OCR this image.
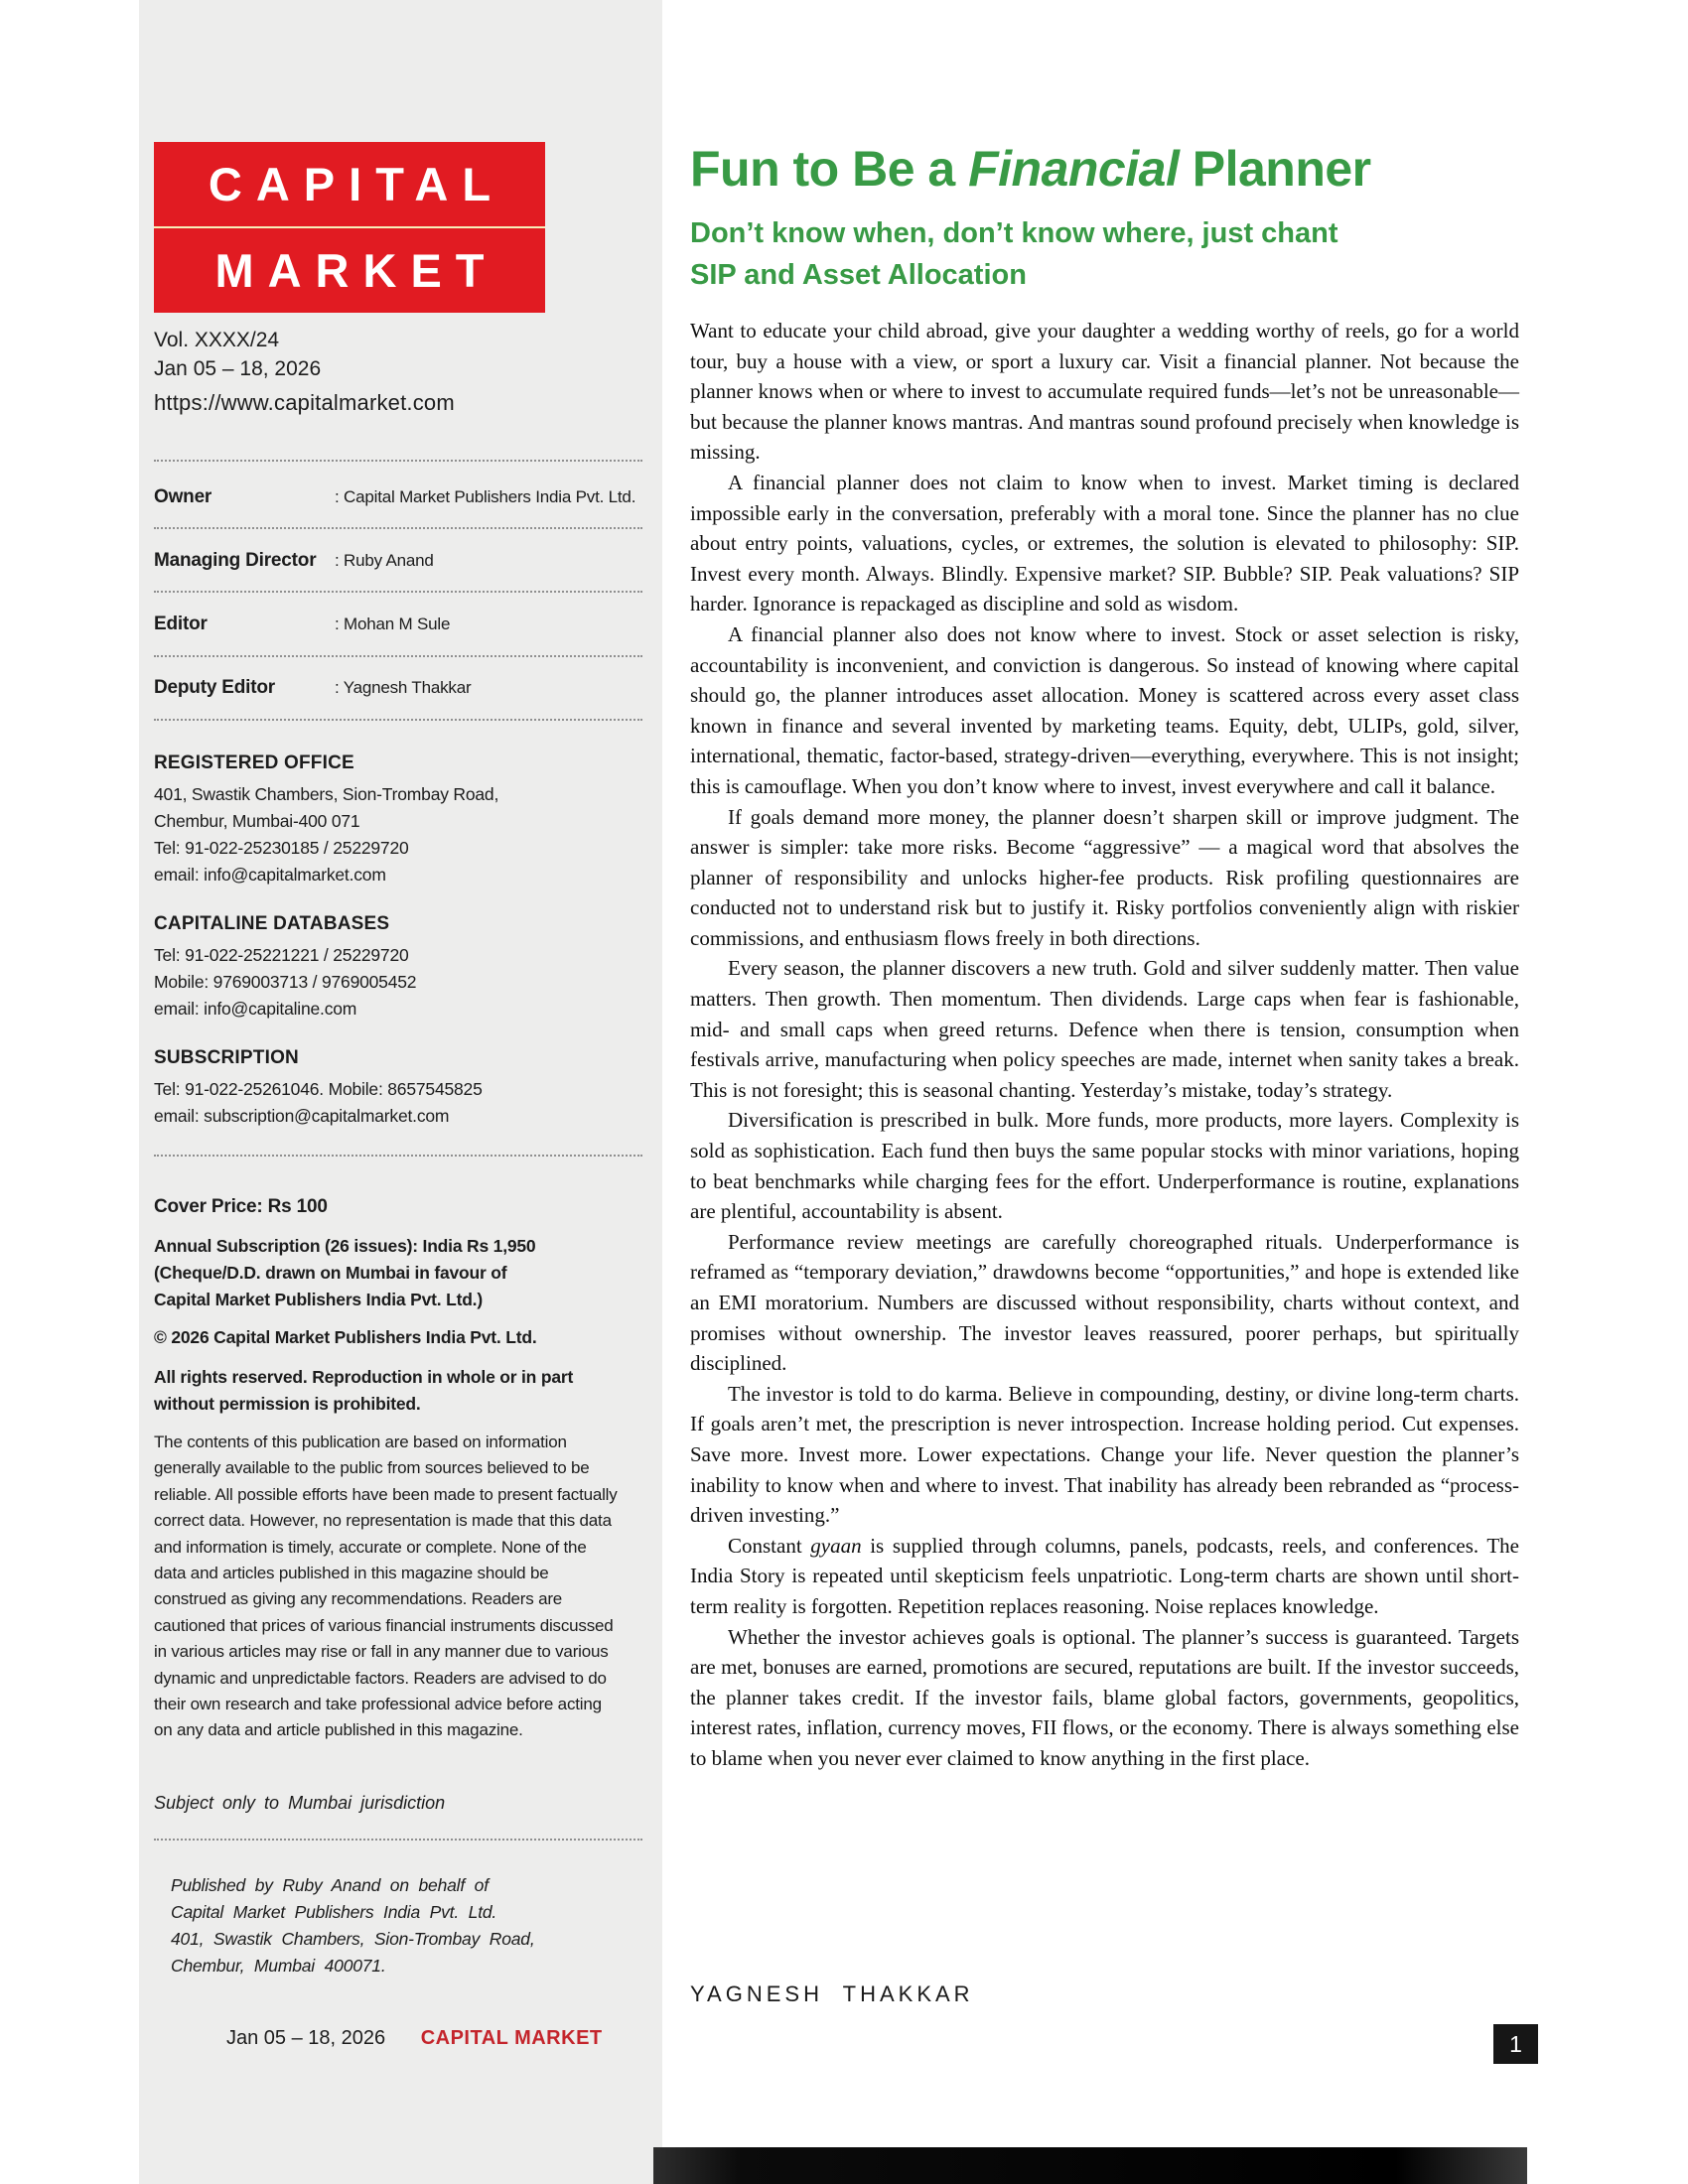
CAPITAL
MARKET
Vol. XXXX/24
Jan 05 – 18, 2026
https://www.capitalmarket.com
Owner	: Capital Market Publishers India Pvt. Ltd.
Managing Director	: Ruby Anand
Editor	: Mohan M Sule
Deputy Editor	: Yagnesh Thakkar
REGISTERED OFFICE
401, Swastik Chambers, Sion-Trombay Road,
Chembur, Mumbai-400 071
Tel: 91-022-25230185 / 25229720
email: info@capitalmarket.com
CAPITALINE DATABASES
Tel: 91-022-25221221 / 25229720
Mobile: 9769003713 / 9769005452
email: info@capitaline.com
SUBSCRIPTION
Tel: 91-022-25261046. Mobile: 8657545825
email: subscription@capitalmarket.com
Cover Price: Rs 100
Annual Subscription (26 issues): India Rs 1,950
(Cheque/D.D. drawn on Mumbai in favour of
Capital Market Publishers India Pvt. Ltd.)
© 2026 Capital Market Publishers India Pvt. Ltd.
All rights reserved. Reproduction in whole or in part
without permission is prohibited.
The contents of this publication are based on information generally available to the public from sources believed to be reliable. All possible efforts have been made to present factually correct data. However, no representation is made that this data and information is timely, accurate or complete. None of the data and articles published in this magazine should be construed as giving any recommendations. Readers are cautioned that prices of various financial instruments discussed in various articles may rise or fall in any manner due to various dynamic and unpredictable factors. Readers are advised to do their own research and take professional advice before acting on any data and article published in this magazine.
Subject only to Mumbai jurisdiction
Published by Ruby Anand on behalf of
Capital Market Publishers India Pvt. Ltd.
401, Swastik Chambers, Sion-Trombay Road,
Chembur, Mumbai 400071.
Jan 05 – 18, 2026 CAPITAL MARKET
Fun to Be a Financial Planner
Don’t know when, don’t know where, just chant
SIP and Asset Allocation

Want to educate your child abroad, give your daughter a wedding worthy of reels, go for a world tour, buy a house with a view, or sport a luxury car. Visit a financial planner. Not because the planner knows when or where to invest to accumulate required funds—let’s not be unreasonable—but because the planner knows mantras. And mantras sound profound precisely when knowledge is missing.

A financial planner does not claim to know when to invest. Market timing is declared impossible early in the conversation, preferably with a moral tone. Since the planner has no clue about entry points, valuations, cycles, or extremes, the solution is elevated to philosophy: SIP. Invest every month. Always. Blindly. Expensive market? SIP. Bubble? SIP. Peak valuations? SIP harder. Ignorance is repackaged as discipline and sold as wisdom.

A financial planner also does not know where to invest. Stock or asset selection is risky, accountability is inconvenient, and conviction is dangerous. So instead of knowing where capital should go, the planner introduces asset allocation. Money is scattered across every asset class known in finance and several invented by marketing teams. Equity, debt, ULIPs, gold, silver, international, thematic, factor-based, strategy-driven—everything, everywhere. This is not insight; this is camouflage. When you don’t know where to invest, invest everywhere and call it balance.

If goals demand more money, the planner doesn’t sharpen skill or improve judgment. The answer is simpler: take more risks. Become “aggressive” — a magical word that absolves the planner of responsibility and unlocks higher-fee products. Risk profiling questionnaires are conducted not to understand risk but to justify it. Risky portfolios conveniently align with riskier commissions, and enthusiasm flows freely in both directions.

Every season, the planner discovers a new truth. Gold and silver suddenly matter. Then value matters. Then growth. Then momentum. Then dividends. Large caps when fear is fashionable, mid- and small caps when greed returns. Defence when there is tension, consumption when festivals arrive, manufacturing when policy speeches are made, internet when sanity takes a break. This is not foresight; this is seasonal chanting. Yesterday’s mistake, today’s strategy.

Diversification is prescribed in bulk. More funds, more products, more layers. Complexity is sold as sophistication. Each fund then buys the same popular stocks with minor variations, hoping to beat benchmarks while charging fees for the effort. Underperformance is routine, explanations are plentiful, accountability is absent.

Performance review meetings are carefully choreographed rituals. Underperformance is reframed as “temporary deviation,” drawdowns become “opportunities,” and hope is extended like an EMI moratorium. Numbers are discussed without responsibility, charts without context, and promises without ownership. The investor leaves reassured, poorer perhaps, but spiritually disciplined.

The investor is told to do karma. Believe in compounding, destiny, or divine long-term charts. If goals aren’t met, the prescription is never introspection. Increase holding period. Cut expenses. Save more. Invest more. Lower expectations. Change your life. Never question the planner’s inability to know when and where to invest. That inability has already been rebranded as “process-driven investing.”

Constant gyaan is supplied through columns, panels, podcasts, reels, and conferences. The India Story is repeated until skepticism feels unpatriotic. Long-term charts are shown until short-term reality is forgotten. Repetition replaces reasoning. Noise replaces knowledge.

Whether the investor achieves goals is optional. The planner’s success is guaranteed. Targets are met, bonuses are earned, promotions are secured, reputations are built. If the investor succeeds, the planner takes credit. If the investor fails, blame global factors, governments, geopolitics, interest rates, inflation, currency moves, FII flows, or the economy. There is always something else to blame when you never ever claimed to know anything in the first place.

YAGNESH THAKKAR
1
